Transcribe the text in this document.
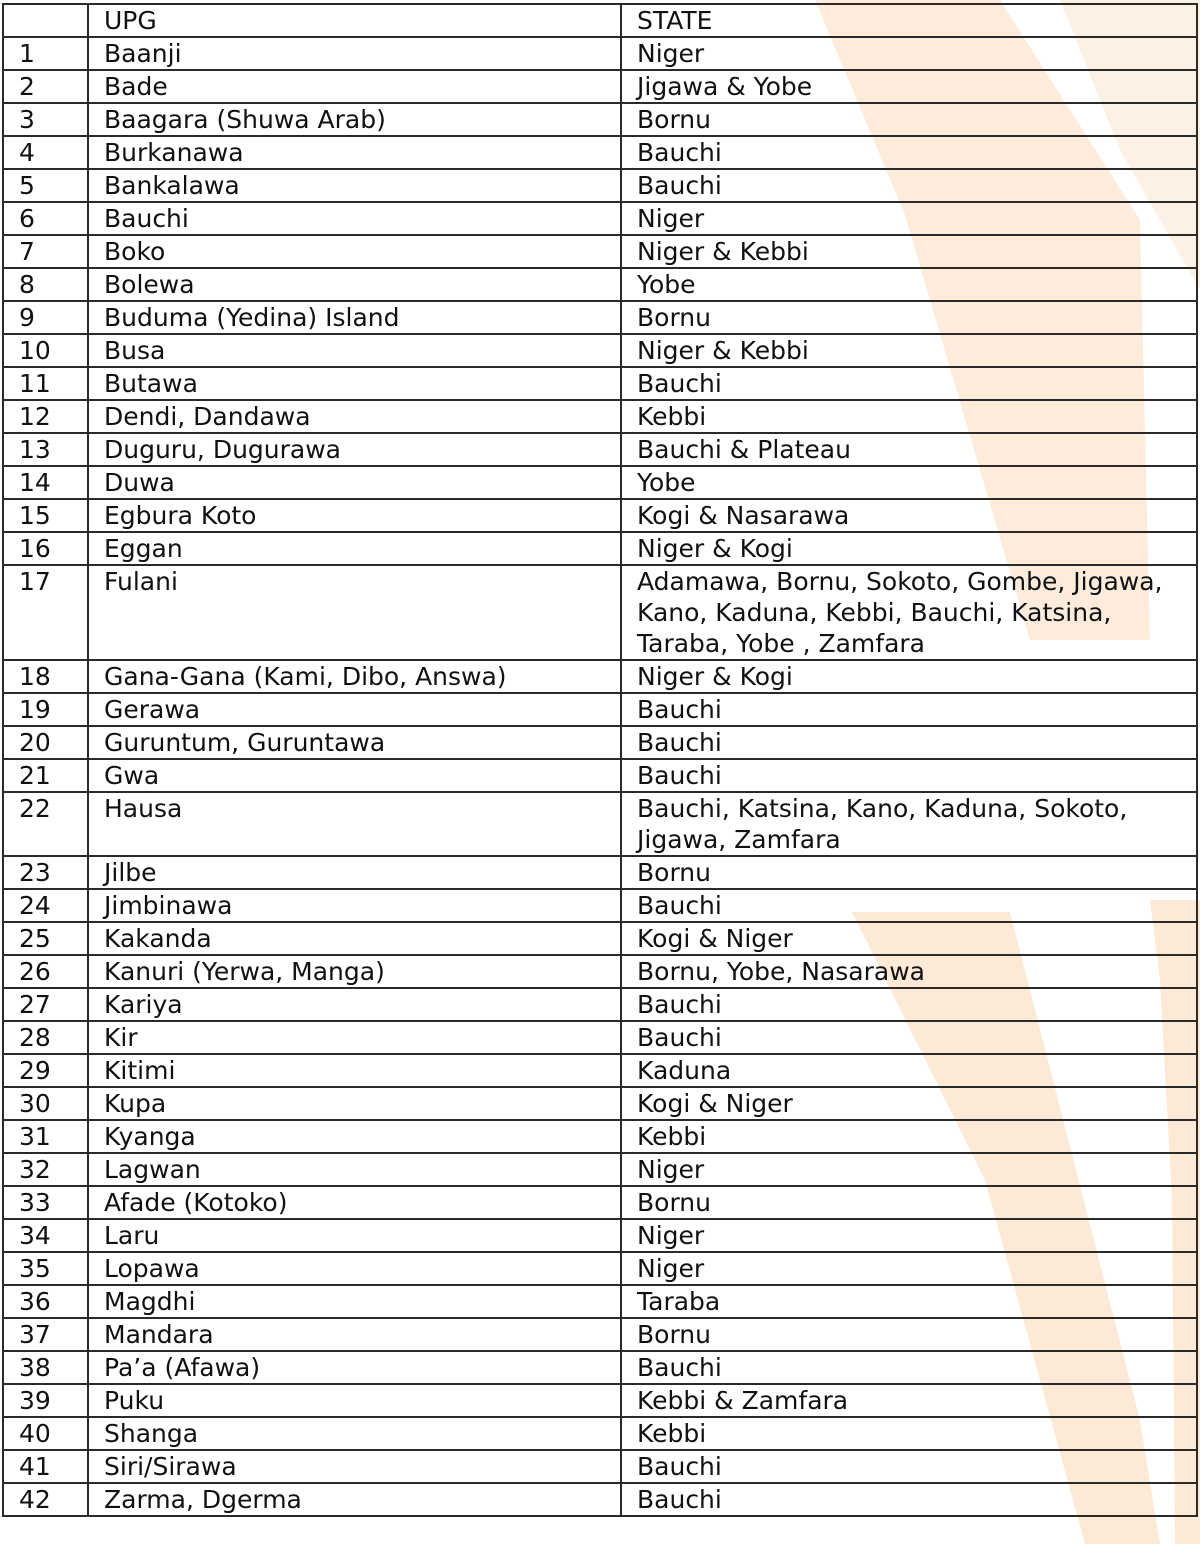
	UPG	STATE
1	Baanji	Niger
2	Bade	Jigawa & Yobe
3	Baagara (Shuwa Arab)	Bornu
4	Burkanawa	Bauchi
5	Bankalawa	Bauchi
6	Bauchi	Niger
7	Boko	Niger & Kebbi
8	Bolewa	Yobe
9	Buduma (Yedina) Island	Bornu
10	Busa	Niger & Kebbi
11	Butawa	Bauchi
12	Dendi, Dandawa	Kebbi
13	Duguru, Dugurawa	Bauchi & Plateau
14	Duwa	Yobe
15	Egbura Koto	Kogi & Nasarawa
16	Eggan	Niger & Kogi
17	Fulani	Adamawa, Bornu, Sokoto, Gombe, Jigawa, Kano, Kaduna, Kebbi, Bauchi, Katsina, Taraba, Yobe , Zamfara
18	Gana-Gana (Kami, Dibo, Answa)	Niger & Kogi
19	Gerawa	Bauchi
20	Guruntum, Guruntawa	Bauchi
21	Gwa	Bauchi
22	Hausa	Bauchi, Katsina, Kano, Kaduna, Sokoto, Jigawa, Zamfara
23	Jilbe	Bornu
24	Jimbinawa	Bauchi
25	Kakanda	Kogi & Niger
26	Kanuri (Yerwa, Manga)	Bornu, Yobe, Nasarawa
27	Kariya	Bauchi
28	Kir	Bauchi
29	Kitimi	Kaduna
30	Kupa	Kogi & Niger
31	Kyanga	Kebbi
32	Lagwan	Niger
33	Afade (Kotoko)	Bornu
34	Laru	Niger
35	Lopawa	Niger
36	Magdhi	Taraba
37	Mandara	Bornu
38	Pa’a (Afawa)	Bauchi
39	Puku	Kebbi & Zamfara
40	Shanga	Kebbi
41	Siri/Sirawa	Bauchi
42	Zarma, Dgerma	Bauchi
